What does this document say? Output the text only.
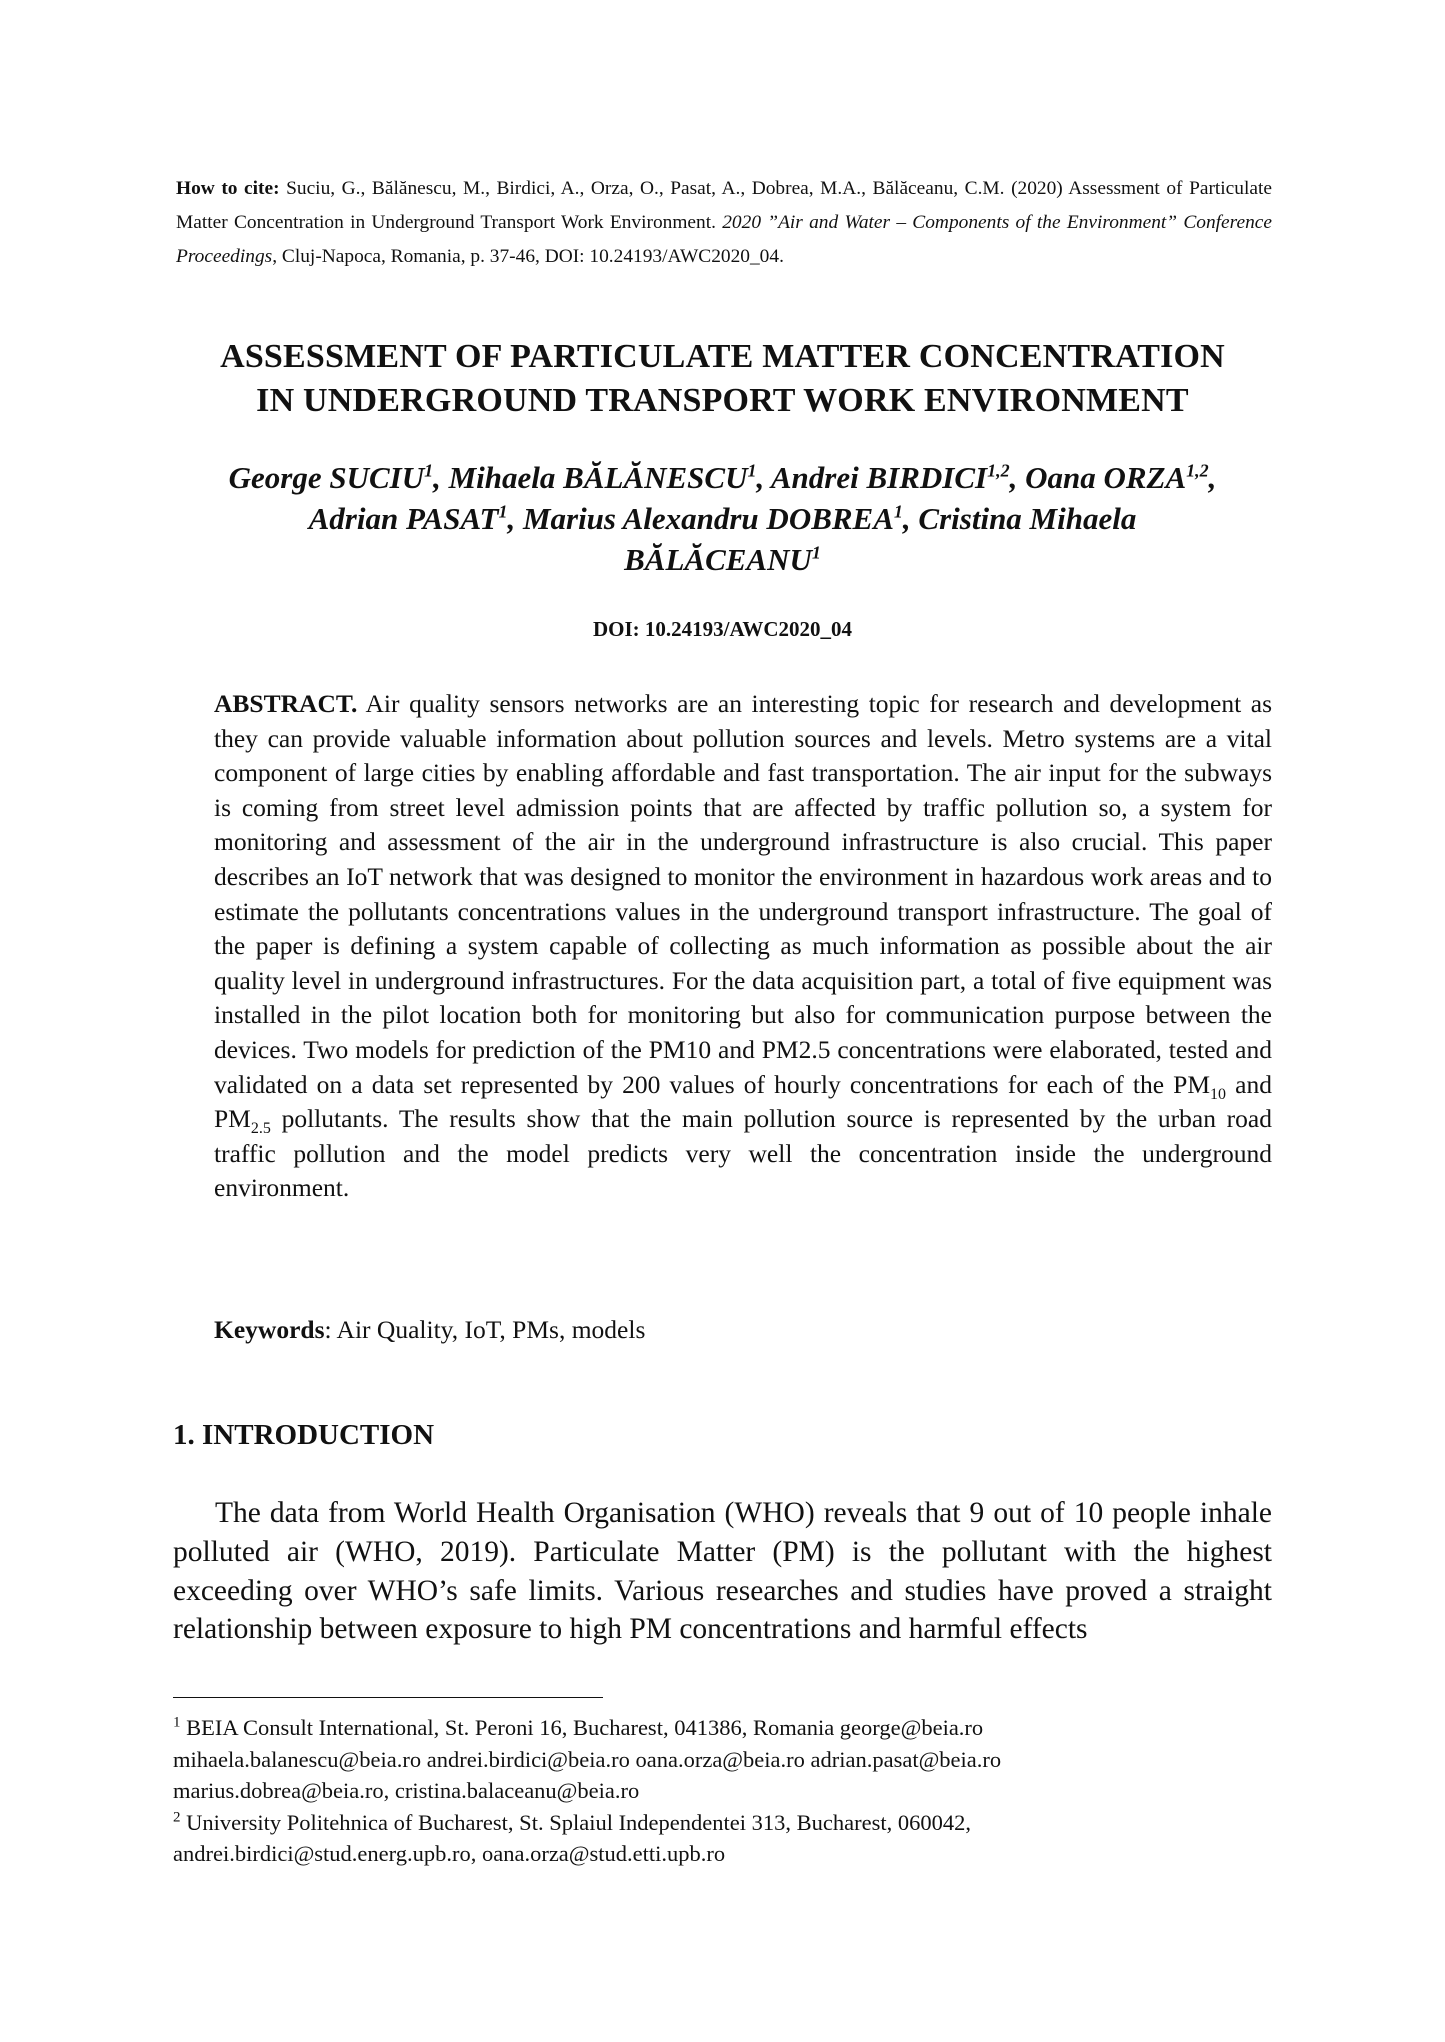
How to cite: Suciu, G., Bălănescu, M., Birdici, A., Orza, O., Pasat, A., Dobrea, M.A., Bălăceanu, C.M. (2020) Assessment of Particulate Matter Concentration in Underground Transport Work Environment. 2020 ”Air and Water – Components of the Environment” Conference Proceedings, Cluj-Napoca, Romania, p. 37-46, DOI: 10.24193/AWC2020_04.
ASSESSMENT OF PARTICULATE MATTER CONCENTRATION
IN UNDERGROUND TRANSPORT WORK ENVIRONMENT
George SUCIU$^1$, Mihaela BĂLĂNESCU$^1$, Andrei BIRDICI$^{1,2}$, Oana ORZA$^{1,2}$,
Adrian PASAT$^1$, Marius Alexandru DOBREA$^1$, Cristina Mihaela
BĂLĂCEANU$^1$
DOI: 10.24193/AWC2020_04
ABSTRACT. Air quality sensors networks are an interesting topic for research and development as they can provide valuable information about pollution sources and levels. Metro systems are a vital component of large cities by enabling affordable and fast transportation. The air input for the subways is coming from street level admission points that are affected by traffic pollution so, a system for monitoring and assessment of the air in the underground infrastructure is also crucial. This paper describes an IoT network that was designed to monitor the environment in hazardous work areas and to estimate the pollutants concentrations values in the underground transport infrastructure. The goal of the paper is defining a system capable of collecting as much information as possible about the air quality level in underground infrastructures. For the data acquisition part, a total of five equipment was installed in the pilot location both for monitoring but also for communication purpose between the devices. Two models for prediction of the PM10 and PM2.5 concentrations were elaborated, tested and validated on a data set represented by 200 values of hourly concentrations for each of the $PM_{10}$ and $PM_{2.5}$ pollutants. The results show that the main pollution source is represented by the urban road traffic pollution and the model predicts very well the concentration inside the underground environment.
Keywords: Air Quality, IoT, PMs, models
1. INTRODUCTION
The data from World Health Organisation (WHO) reveals that 9 out of 10 people inhale polluted air (WHO, 2019). Particulate Matter (PM) is the pollutant with the highest exceeding over WHO’s safe limits. Various researches and studies have proved a straight relationship between exposure to high PM concentrations and harmful effects
$^1$ BEIA Consult International, St. Peroni 16, Bucharest, 041386, Romania george@beia.ro
mihaela.balanescu@beia.ro andrei.birdici@beia.ro oana.orza@beia.ro adrian.pasat@beia.ro
marius.dobrea@beia.ro, cristina.balaceanu@beia.ro
$^2$ University Politehnica of Bucharest, St. Splaiul Independentei 313, Bucharest, 060042,
andrei.birdici@stud.energ.upb.ro, oana.orza@stud.etti.upb.ro
